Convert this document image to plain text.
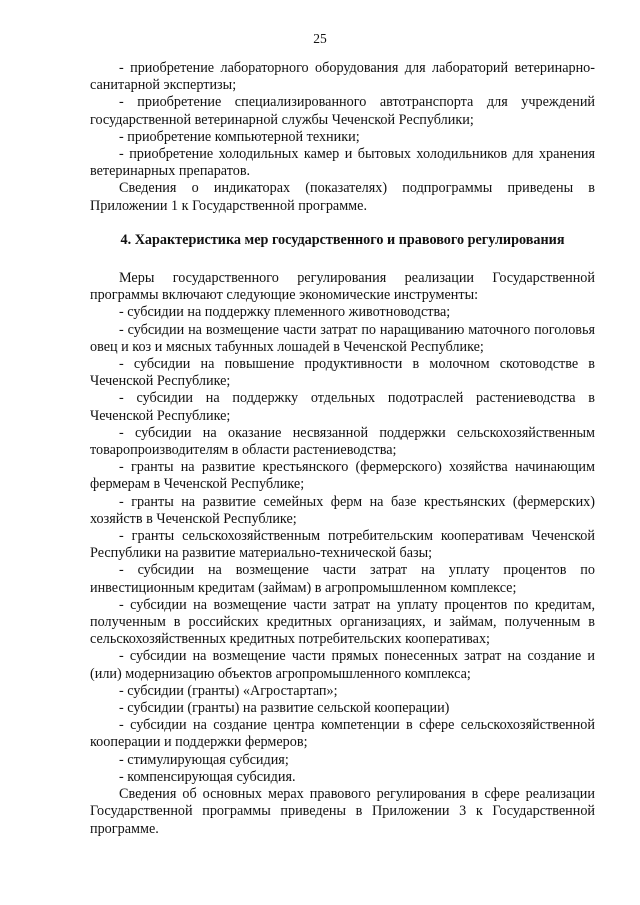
25

- приобретение лабораторного оборудования для лабораторий ветеринарно-санитарной экспертизы;

- приобретение специализированного автотранспорта для учреждений государственной ветеринарной службы Чеченской Республики;

- приобретение компьютерной техники;

- приобретение холодильных камер и бытовых холодильников для хранения ветеринарных препаратов.

Сведения о индикаторах (показателях) подпрограммы приведены в Приложении 1 к Государственной программе.

4. Характеристика мер государственного и правового регулирования

Меры государственного регулирования реализации Государственной программы включают следующие экономические инструменты:

- субсидии на поддержку племенного животноводства;

- субсидии на возмещение части затрат по наращиванию маточного поголовья овец и коз и мясных табунных лошадей в Чеченской Республике;

- субсидии на повышение продуктивности в молочном скотоводстве в Чеченской Республике;

- субсидии на поддержку отдельных подотраслей растениеводства в Чеченской Республике;

- субсидии на оказание несвязанной поддержки сельскохозяйственным товаропроизводителям в области растениеводства;

- гранты на развитие крестьянского (фермерского) хозяйства начинающим фермерам в Чеченской Республике;

- гранты на развитие семейных ферм на базе крестьянских (фермерских) хозяйств в Чеченской Республике;

- гранты сельскохозяйственным потребительским кооперативам Чеченской Республики на развитие материально-технической базы;

- субсидии на возмещение части затрат на уплату процентов по инвестиционным кредитам (займам) в агропромышленном комплексе;

- субсидии на возмещение части затрат на уплату процентов по кредитам, полученным в российских кредитных организациях, и займам, полученным в сельскохозяйственных кредитных потребительских кооперативах;

- субсидии на возмещение части прямых понесенных затрат на создание и (или) модернизацию объектов агропромышленного комплекса;

- субсидии (гранты) «Агростартап»;

- субсидии (гранты) на развитие сельской кооперации)

- субсидии на создание центра компетенции в сфере сельскохозяйственной кооперации и поддержки фермеров;

- стимулирующая субсидия;

- компенсирующая субсидия.

Сведения об основных мерах правового регулирования в сфере реализации Государственной программы приведены в Приложении 3 к Государственной программе.
